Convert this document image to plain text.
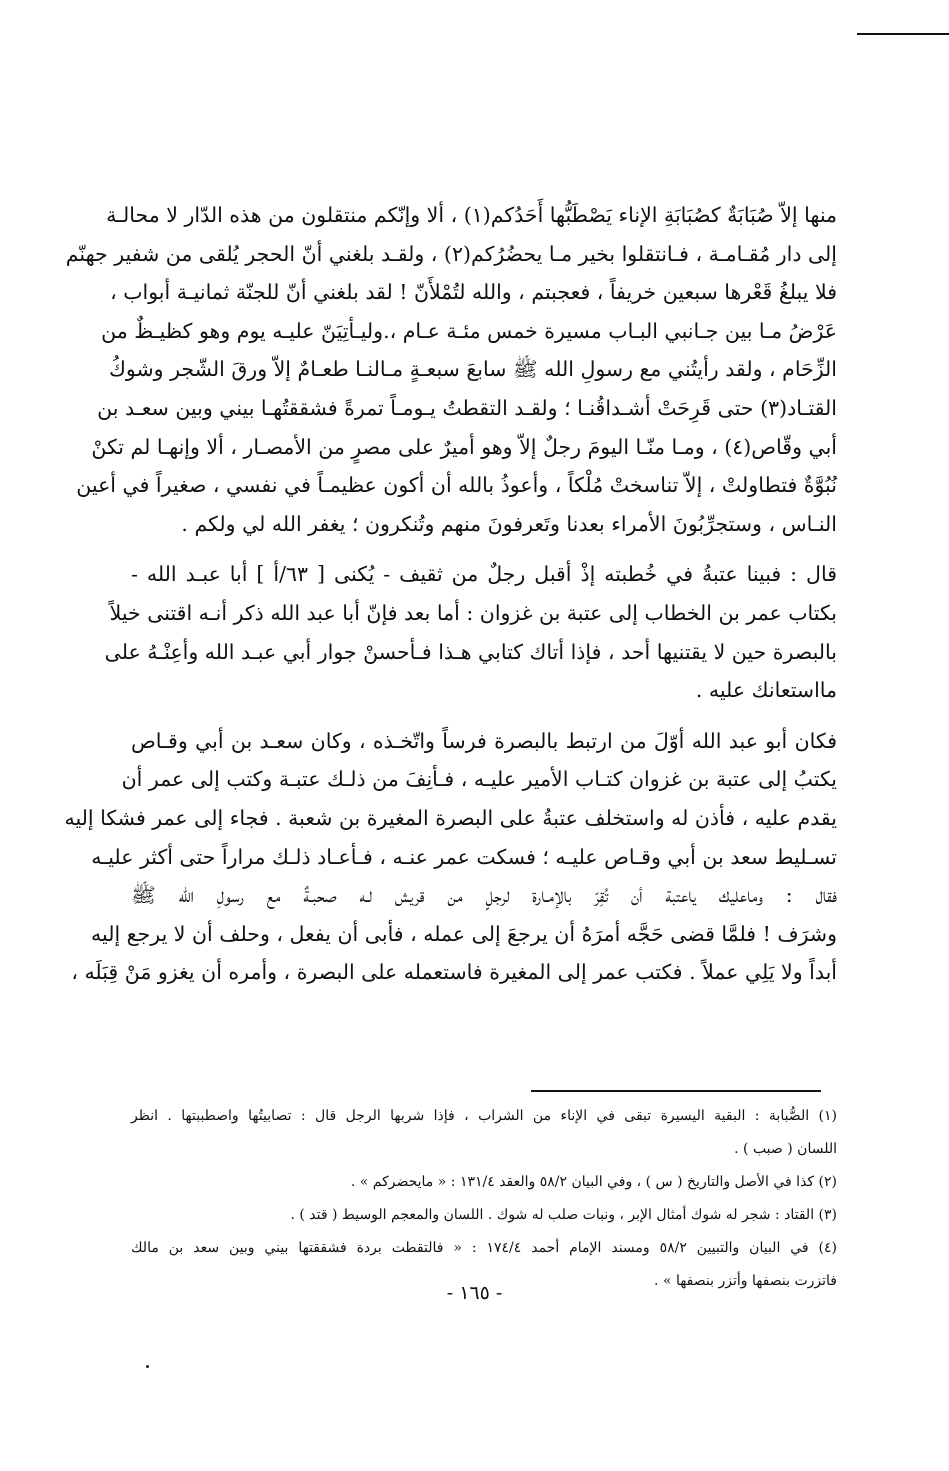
منها إلاّ صُبَابَةٌ كصُبَابَةِ الإناء يَصْطَبُّها أَحَدُكم(١) ، ألا وإنّكم منتقلون من هذه الدّار لا محالـة
إلى دار مُقـامـة ، فـانتقلوا بخير مـا يحضُرُكم(٢) ، ولقـد بلغني أنّ الحجر يُلقى من شفير جهنّم
فلا يبلغُ قَعْرها سبعين خريفاً ، فعجبتم ، والله لتُمْلأَنّ ! لقد بلغني أنّ للجنّة ثمانيـة أبواب ،
عَرْضُ مـا بين جـانبي البـاب مسيرة خمس مئـة عـام ،.وليـأتِيَنّ عليـه يوم وهو كظيـظٌ من
الزِّحَام ، ولقد رأيتُني مع رسولِ الله ﷺ سابعَ سبعـةٍ مـالنـا طعـامٌ إلاّ ورقَ الشّجر وشوكُ
القتـاد(٣) حتى قَرِحَتْ أشـداقُنـا ؛ ولقـد التقطتُ يـومـاً تمرةً فشققتُهـا بيني وبين سعـد بن
أبي وقّاص(٤) ، ومـا منّـا اليومَ رجلٌ إلاّ وهو أميرٌ على مصرٍ من الأمصـار ، ألا وإنهـا لم تكنْ
نُبُوَّةٌ فتطاولتْ ، إلاّ تناسختْ مُلْكاً ، وأعوذُ بالله أن أكون عظيمـاً في نفسي ، صغيراً في أعين
النـاس ، وستجرِّبُونَ الأمراء بعدنا وتَعرفونَ منهم وتُنكرون ؛ يغفر الله لي ولكم .
قال : فبينا عتبةُ في خُطبته إذْ أقبل رجلٌ من ثقيف - يُكنى [ ٦٣/أ ] أبا عبـد الله -
بكتاب عمر بن الخطاب إلى عتبة بن غزوان : أما بعد فإنّ أبا عبد الله ذكر أنـه اقتنى خيلاً
بالبصرة حين لا يقتنيها أحد ، فإذا أتاك كتابي هـذا فـأحسنْ جوار أبي عبـد الله وأعِنْـهُ على
مااستعانك عليه .
فكان أبو عبد الله أوّلَ من ارتبط بالبصرة فرساً واتّخـذه ، وكان سعـد بن أبي وقـاص
يكتبُ إلى عتبة بن غزوان كتـاب الأمير عليـه ، فـأنِفَ من ذلـك عتبـة وكتب إلى عمر أن
يقدم عليه ، فأذن له واستخلف عتبةُ على البصرة المغيرة بن شعبة . فجاء إلى عمر فشكا إليه
تسـليط سعد بن أبي وقـاص عليـه ؛ فسكت عمر عنـه ، فـأعـاد ذلـك مراراً حتى أكثر عليـه
فقال : وماعليك ياعتبة أن تُقِرّ بالإمـارة لرجلٍ من قريش لـه صحبـةٌ مع رسولِ الله ﷺ
وشرَف ! فلمَّا قضى حَجَّه أمرَهُ أن يرجعَ إلى عمله ، فأبى أن يفعل ، وحلف أن لا يرجع إليه
أبداً ولا يَلِي عملاً . فكتب عمر إلى المغيرة فاستعمله على البصرة ، وأمره أن يغزو مَنْ قِبَلَه ،
(١) الصُّبابة : البقية اليسيرة تبقى في الإناء من الشراب ، فإذا شربها الرجل قال : تصابيتُها واصطببتها . انظر
اللسان ( صبب ) .
(٢) كذا في الأصل والتاريخ ( س ) ، وفي البيان ٥٨/٢ والعقد ١٣١/٤ : « مايحضركم » .
(٣) القتاد : شجر له شوك أمثال الإبر ، ونبات صلب له شوك . اللسان والمعجم الوسيط ( قتد ) .
(٤) في البيان والتبيين ٥٨/٢ ومسند الإمام أحمد ١٧٤/٤ : « فالتقطت بردة فشققتها بيني وبين سعد بن مالك
فاتزرت بنصفها وأتزر بنصفها » .
- ١٦٥ -
